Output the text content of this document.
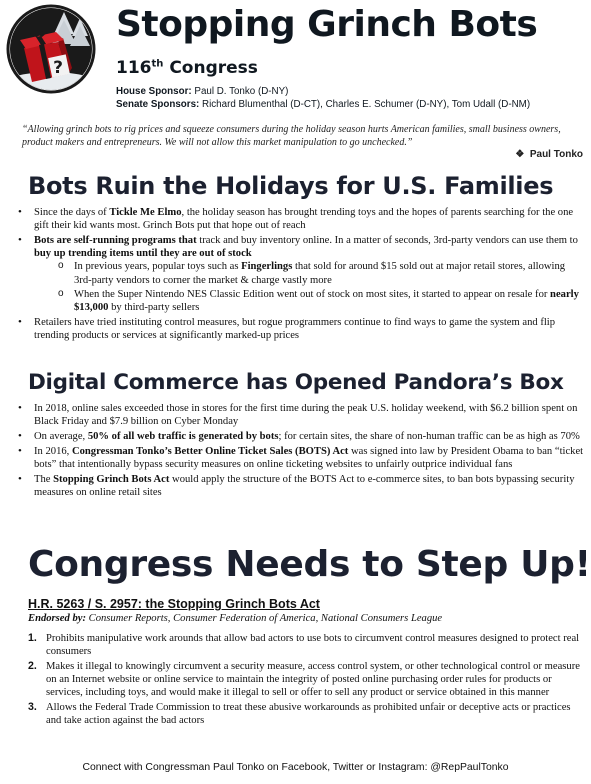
?
Stopping Grinch Bots
116th Congress
House Sponsor: Paul D. Tonko (D-NY)
Senate Sponsors: Richard Blumenthal (D-CT), Charles E. Schumer (D-NY), Tom Udall (D-NM)

“Allowing grinch bots to rig prices and squeeze consumers during the holiday season hurts American families, small business owners, product makers and entrepreneurs. We will not allow this market manipulation to go unchecked.”

❖ Paul Tonko
Bots Ruin the Holidays for U.S. Families
• Since the days of Tickle Me Elmo, the holiday season has brought trending toys and the hopes of parents searching for the one gift their kid wants most. Grinch Bots put that hope out of reach
• Bots are self-running programs that track and buy inventory online. In a matter of seconds, 3rd-party vendors can use them to buy up trending items until they are out of stock
o In previous years, popular toys such as Fingerlings that sold for around $15 sold out at major retail stores, allowing 3rd-party vendors to corner the market & charge vastly more
o When the Super Nintendo NES Classic Edition went out of stock on most sites, it started to appear on resale for nearly $13,000 by third-party sellers
• Retailers have tried instituting control measures, but rogue programmers continue to find ways to game the system and flip trending products or services at significantly marked-up prices
Digital Commerce has Opened Pandora’s Box
• In 2018, online sales exceeded those in stores for the first time during the peak U.S. holiday weekend, with $6.2 billion spent on Black Friday and $7.9 billion on Cyber Monday
• On average, 50% of all web traffic is generated by bots; for certain sites, the share of non-human traffic can be as high as 70%
• In 2016, Congressman Tonko’s Better Online Ticket Sales (BOTS) Act was signed into law by President Obama to ban “ticket bots” that intentionally bypass security measures on online ticketing websites to unfairly outprice individual fans
• The Stopping Grinch Bots Act would apply the structure of the BOTS Act to e-commerce sites, to ban bots bypassing security measures on online retail sites
Congress Needs to Step Up!
H.R. 5263 / S. 2957: the Stopping Grinch Bots Act
Endorsed by: Consumer Reports, Consumer Federation of America, National Consumers League
1. Prohibits manipulative work arounds that allow bad actors to use bots to circumvent control measures designed to protect real consumers
2. Makes it illegal to knowingly circumvent a security measure, access control system, or other technological control or measure on an Internet website or online service to maintain the integrity of posted online purchasing order rules for products or services, including toys, and would make it illegal to sell or offer to sell any product or service obtained in this manner
3. Allows the Federal Trade Commission to treat these abusive workarounds as prohibited unfair or deceptive acts or practices and take action against the bad actors
Connect with Congressman Paul Tonko on Facebook, Twitter or Instagram: @RepPaulTonko
